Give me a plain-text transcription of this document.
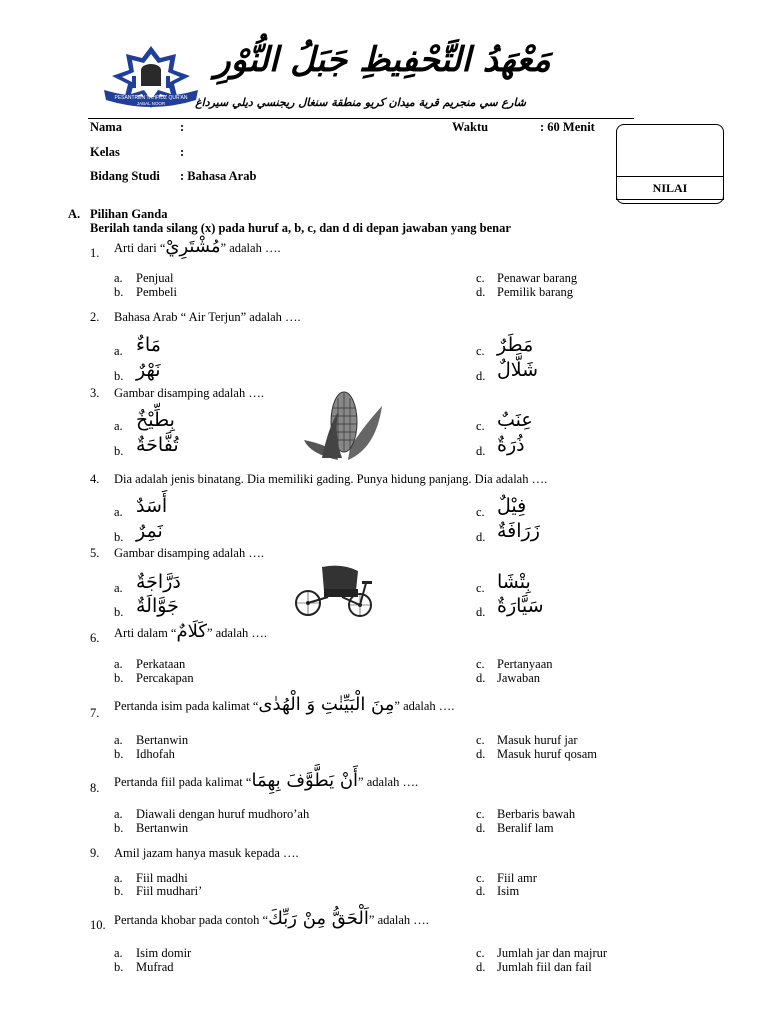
PESANTREN TAHFIDZ QUR'AN
JABAL NOOR
مَعْهَدُ التَّحْفِيظِ جَبَلُ النُّوْرِ
شارع سي منجريم قرية ميدان كريو منطقة سنغال ريجنسي ديلي سيرداغ
Nama	:
Kelas	:
Bidang Studi : Bahasa Arab
Waktu	: 60 Menit
NILAI
A. Pilihan Ganda
Berilah tanda silang (x) pada huruf a, b, c, dan d di depan jawaban yang benar
1. Arti dari “مُشْتَرِيْ” adalah ….
a. Penjual
b. Pembeli
c. Penawar barang
d. Pemilik barang
2. Bahasa Arab “ Air Terjun” adalah ….
a. مَاءٌ
b. نَهْرٌ
c. مَطَرٌ
d. شَلَّالٌ
3. Gambar disamping adalah ….
a. بِطِّيْخٌ
b. تُفَّاحَةٌ
c. عِنَبٌ
d. ذُرَةٌ
4. Dia adalah jenis binatang. Dia memiliki gading. Punya hidung panjang. Dia adalah ….
a. أَسَدٌ
b. نَمِرٌ
c. فِيْلٌ
d. زَرَافَةٌ
5. Gambar disamping adalah ….
a. دَرَّاجَةٌ
b. جَوَّالَةٌ
c. بِتْشَا
d. سَيَّارَةٌ
6. Arti dalam “كَلَامٌ” adalah ….
a. Perkataan
b. Percakapan
c. Pertanyaan
d. Jawaban
7. Pertanda isim pada kalimat “مِنَ الْبَيِّنٰتِ وَ الْهُدٰى” adalah ….
a. Bertanwin
b. Idhofah
c. Masuk huruf jar
d. Masuk huruf qosam
8. Pertanda fiil pada kalimat “أَنْ يَطَّوَّفَ بِهِمَا” adalah ….
a. Diawali dengan huruf mudhoro’ah
b. Bertanwin
c. Berbaris bawah
d. Beralif lam
9. Amil jazam hanya masuk kepada ….
a. Fiil madhi
b. Fiil mudhari’
c. Fiil amr
d. Isim
10. Pertanda khobar pada contoh “اَلْحَقُّ مِنْ رَبِّكَ” adalah ….
a. Isim domir
b. Mufrad
c. Jumlah jar dan majrur
d. Jumlah fiil dan fail
